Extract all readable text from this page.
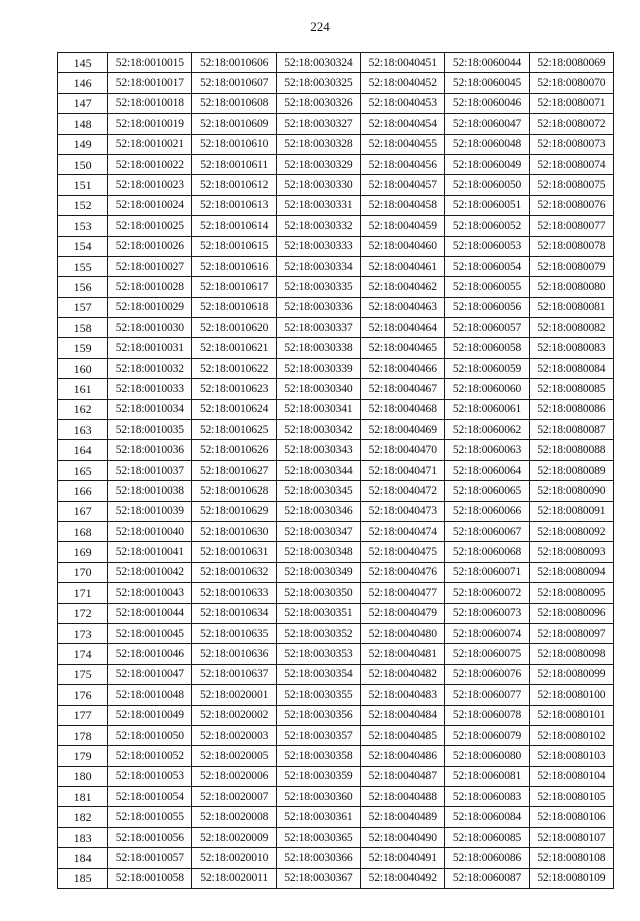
224
145	52:18:0010015	52:18:0010606	52:18:0030324	52:18:0040451	52:18:0060044	52:18:0080069
146	52:18:0010017	52:18:0010607	52:18:0030325	52:18:0040452	52:18:0060045	52:18:0080070
147	52:18:0010018	52:18:0010608	52:18:0030326	52:18:0040453	52:18:0060046	52:18:0080071
148	52:18:0010019	52:18:0010609	52:18:0030327	52:18:0040454	52:18:0060047	52:18:0080072
149	52:18:0010021	52:18:0010610	52:18:0030328	52:18:0040455	52:18:0060048	52:18:0080073
150	52:18:0010022	52:18:0010611	52:18:0030329	52:18:0040456	52:18:0060049	52:18:0080074
151	52:18:0010023	52:18:0010612	52:18:0030330	52:18:0040457	52:18:0060050	52:18:0080075
152	52:18:0010024	52:18:0010613	52:18:0030331	52:18:0040458	52:18:0060051	52:18:0080076
153	52:18:0010025	52:18:0010614	52:18:0030332	52:18:0040459	52:18:0060052	52:18:0080077
154	52:18:0010026	52:18:0010615	52:18:0030333	52:18:0040460	52:18:0060053	52:18:0080078
155	52:18:0010027	52:18:0010616	52:18:0030334	52:18:0040461	52:18:0060054	52:18:0080079
156	52:18:0010028	52:18:0010617	52:18:0030335	52:18:0040462	52:18:0060055	52:18:0080080
157	52:18:0010029	52:18:0010618	52:18:0030336	52:18:0040463	52:18:0060056	52:18:0080081
158	52:18:0010030	52:18:0010620	52:18:0030337	52:18:0040464	52:18:0060057	52:18:0080082
159	52:18:0010031	52:18:0010621	52:18:0030338	52:18:0040465	52:18:0060058	52:18:0080083
160	52:18:0010032	52:18:0010622	52:18:0030339	52:18:0040466	52:18:0060059	52:18:0080084
161	52:18:0010033	52:18:0010623	52:18:0030340	52:18:0040467	52:18:0060060	52:18:0080085
162	52:18:0010034	52:18:0010624	52:18:0030341	52:18:0040468	52:18:0060061	52:18:0080086
163	52:18:0010035	52:18:0010625	52:18:0030342	52:18:0040469	52:18:0060062	52:18:0080087
164	52:18:0010036	52:18:0010626	52:18:0030343	52:18:0040470	52:18:0060063	52:18:0080088
165	52:18:0010037	52:18:0010627	52:18:0030344	52:18:0040471	52:18:0060064	52:18:0080089
166	52:18:0010038	52:18:0010628	52:18:0030345	52:18:0040472	52:18:0060065	52:18:0080090
167	52:18:0010039	52:18:0010629	52:18:0030346	52:18:0040473	52:18:0060066	52:18:0080091
168	52:18:0010040	52:18:0010630	52:18:0030347	52:18:0040474	52:18:0060067	52:18:0080092
169	52:18:0010041	52:18:0010631	52:18:0030348	52:18:0040475	52:18:0060068	52:18:0080093
170	52:18:0010042	52:18:0010632	52:18:0030349	52:18:0040476	52:18:0060071	52:18:0080094
171	52:18:0010043	52:18:0010633	52:18:0030350	52:18:0040477	52:18:0060072	52:18:0080095
172	52:18:0010044	52:18:0010634	52:18:0030351	52:18:0040479	52:18:0060073	52:18:0080096
173	52:18:0010045	52:18:0010635	52:18:0030352	52:18:0040480	52:18:0060074	52:18:0080097
174	52:18:0010046	52:18:0010636	52:18:0030353	52:18:0040481	52:18:0060075	52:18:0080098
175	52:18:0010047	52:18:0010637	52:18:0030354	52:18:0040482	52:18:0060076	52:18:0080099
176	52:18:0010048	52:18:0020001	52:18:0030355	52:18:0040483	52:18:0060077	52:18:0080100
177	52:18:0010049	52:18:0020002	52:18:0030356	52:18:0040484	52:18:0060078	52:18:0080101
178	52:18:0010050	52:18:0020003	52:18:0030357	52:18:0040485	52:18:0060079	52:18:0080102
179	52:18:0010052	52:18:0020005	52:18:0030358	52:18:0040486	52:18:0060080	52:18:0080103
180	52:18:0010053	52:18:0020006	52:18:0030359	52:18:0040487	52:18:0060081	52:18:0080104
181	52:18:0010054	52:18:0020007	52:18:0030360	52:18:0040488	52:18:0060083	52:18:0080105
182	52:18:0010055	52:18:0020008	52:18:0030361	52:18:0040489	52:18:0060084	52:18:0080106
183	52:18:0010056	52:18:0020009	52:18:0030365	52:18:0040490	52:18:0060085	52:18:0080107
184	52:18:0010057	52:18:0020010	52:18:0030366	52:18:0040491	52:18:0060086	52:18:0080108
185	52:18:0010058	52:18:0020011	52:18:0030367	52:18:0040492	52:18:0060087	52:18:0080109
